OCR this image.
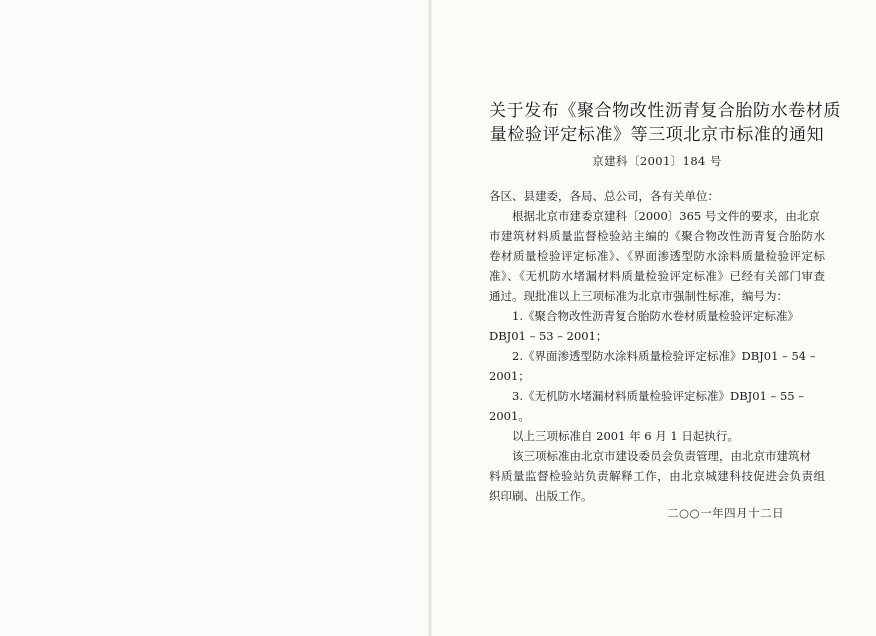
关于发布《聚合物改性沥青复合胎防水卷材质
量检验评定标准》等三项北京市标准的通知
京建科〔2001〕184 号
各区、县建委，各局、总公司，各有关单位：
根据北京市建委京建科〔2000〕365 号文件的要求，由北京
市建筑材料质量监督检验站主编的《聚合物改性沥青复合胎防水
卷材质量检验评定标准》、《界面渗透型防水涂料质量检验评定标
准》、《无机防水堵漏材料质量检验评定标准》已经有关部门审查
通过。现批准以上三项标准为北京市强制性标准，编号为：
1.《聚合物改性沥青复合胎防水卷材质量检验评定标准》
DBJ01 – 53 – 2001；
2.《界面渗透型防水涂料质量检验评定标准》DBJ01 – 54 –
2001；
3.《无机防水堵漏材料质量检验评定标准》DBJ01 – 55 –
2001。
以上三项标准自 2001 年 6 月 1 日起执行。
该三项标准由北京市建设委员会负责管理，由北京市建筑材
料质量监督检验站负责解释工作，由北京城建科技促进会负责组
织印刷、出版工作。
二○○一年四月十二日
